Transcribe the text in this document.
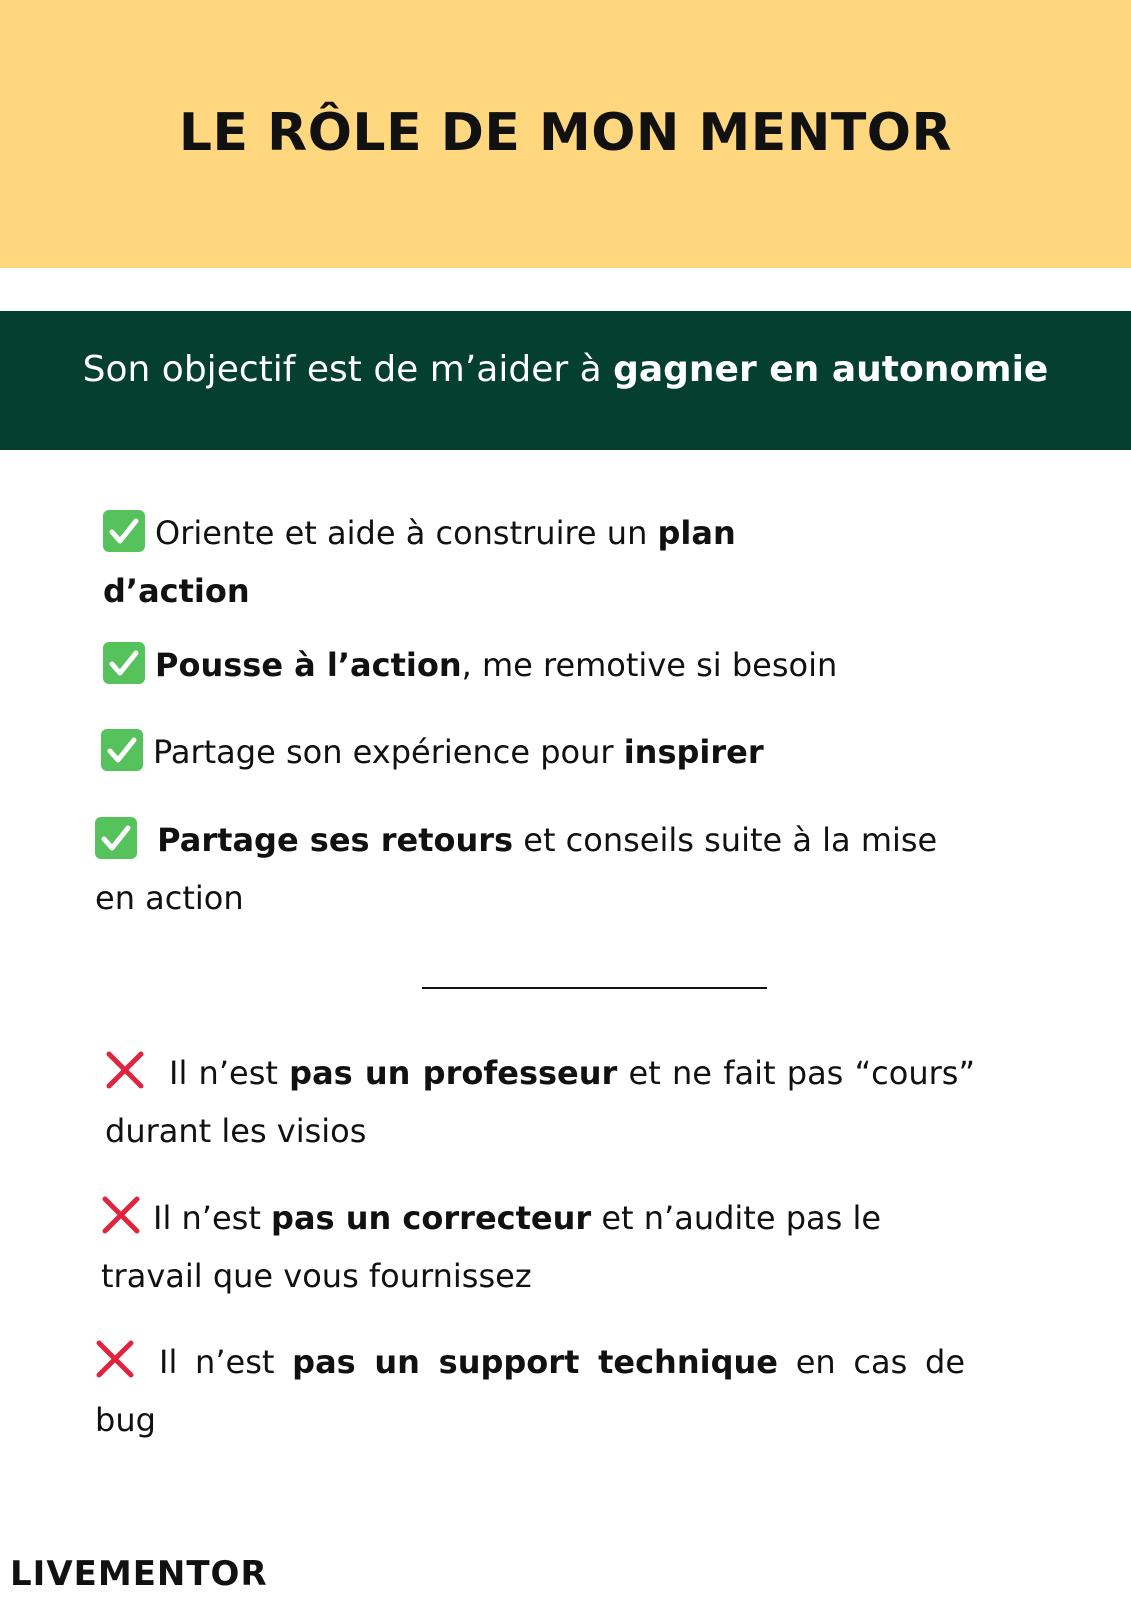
LE RÔLE DE MON MENTOR
Son objectif est de m’aider à gagner en autonomie
Oriente et aide à construire un plan d’action
Pousse à l’action, me remotive si besoin
Partage son expérience pour inspirer
Partage ses retours et conseils suite à la mise en action
Il n’est pas un professeur et ne fait pas “cours” durant les visios
Il n’est pas un correcteur et n’audite pas le travail que vous fournissez
Il n’est pas un support technique en cas de bug
LIVEMENTOR
